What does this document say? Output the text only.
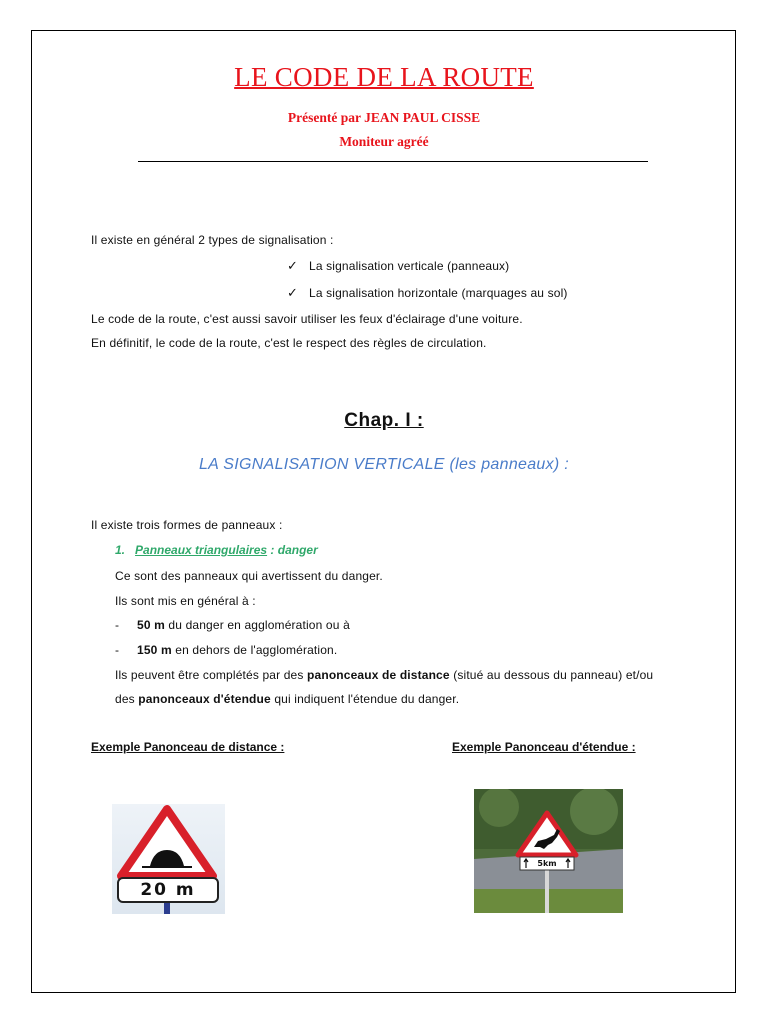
LE CODE DE LA ROUTE
Présenté par JEAN PAUL CISSE
Moniteur agréé
Il existe en général 2 types de signalisation :
✓ La signalisation verticale (panneaux)
✓ La signalisation horizontale (marquages au sol)
Le code de la route, c'est aussi savoir utiliser les feux d'éclairage d'une voiture.
En définitif, le code de la route, c'est le respect des règles de circulation.
Chap. I :
LA SIGNALISATION VERTICALE (les panneaux) :
Il existe trois formes de panneaux :
1. Panneaux triangulaires : danger
Ce sont des panneaux qui avertissent du danger.
Ils sont mis en général à :
- 50 m du danger en agglomération ou à
- 150 m en dehors de l'agglomération.
Ils peuvent être complétés par des panonceaux de distance (situé au dessous du panneau) et/ou
des panonceaux d'étendue qui indiquent l'étendue du danger.
Exemple Panonceau de distance :	Exemple Panonceau d'étendue :
20 m
5km
